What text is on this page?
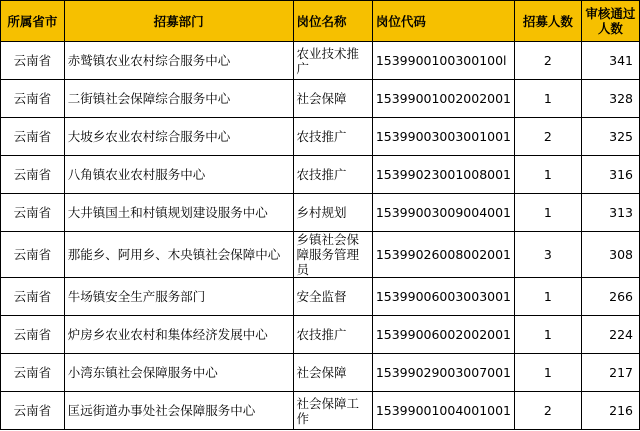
所属省市	招募部门	岗位名称	岗位代码	招募人数	审核通过人数
云南省	赤鹫镇农业农村综合服务中心	农业技术推广	1539900100300100l	2	341
云南省	二街镇社会保障综合服务中心	社会保障	15399001002002001	1	328
云南省	大坡乡农业农村综合服务中心	农技推广	15399003003001001	2	325
云南省	八角镇农业农村服务中心	农技推广	15399023001008001	1	316
云南省	大井镇国土和村镇规划建设服务中心	乡村规划	15399003009004001	1	313
云南省	那能乡、阿用乡、木央镇社会保障中心	乡镇社会保障服务管理员	15399026008002001	3	308
云南省	牛场镇安全生产服务部门	安全监督	15399006003003001	1	266
云南省	炉房乡农业农村和集体经济发展中心	农技推广	15399006002002001	1	224
云南省	小湾东镇社会保障服务中心	社会保障	15399029003007001	1	217
云南省	匡远街道办事处社会保障服务中心	社会保障工作	15399001004001001	2	216
